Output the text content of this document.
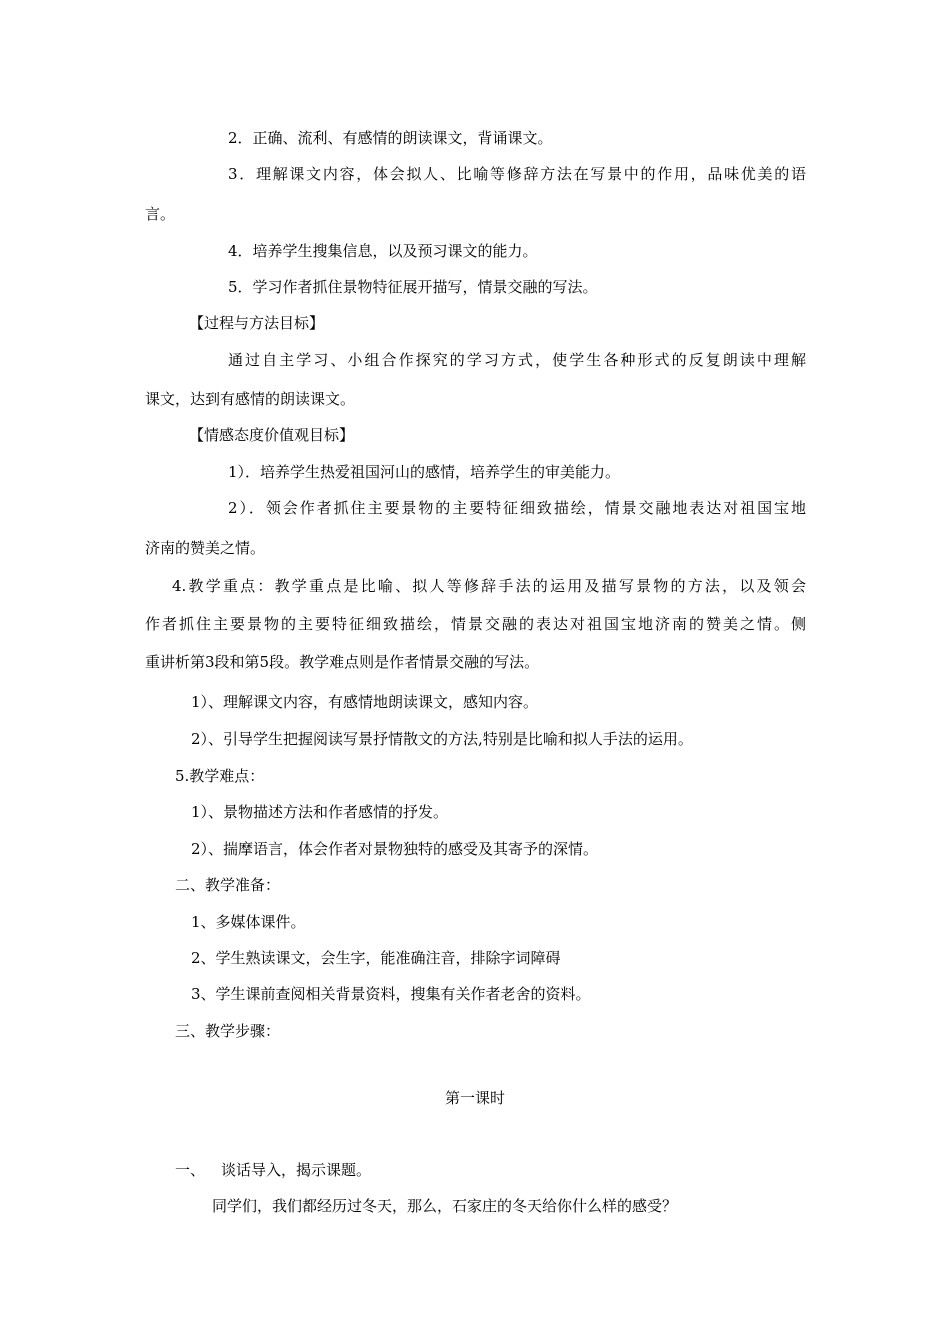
2．正确、流利、有感情的朗读课文，背诵课文。
3．理解课文内容，体会拟人、比喻等修辞方法在写景中的作用，品味优美的语
言。
4．培养学生搜集信息，以及预习课文的能力。
5．学习作者抓住景物特征展开描写，情景交融的写法。
【过程与方法目标】
通过自主学习、小组合作探究的学习方式，使学生各种形式的反复朗读中理解
课文，达到有感情的朗读课文。
【情感态度价值观目标】
1）．培养学生热爱祖国河山的感情，培养学生的审美能力。
2）．领会作者抓住主要景物的主要特征细致描绘，情景交融地表达对祖国宝地
济南的赞美之情。
4.教学重点：教学重点是比喻、拟人等修辞手法的运用及描写景物的方法，以及领会
作者抓住主要景物的主要特征细致描绘，情景交融的表达对祖国宝地济南的赞美之情。侧
重讲析第3段和第5段。教学难点则是作者情景交融的写法。
1）、理解课文内容，有感情地朗读课文，感知内容。
2）、引导学生把握阅读写景抒情散文的方法,特别是比喻和拟人手法的运用。
5.教学难点：
1）、景物描述方法和作者感情的抒发。
2）、揣摩语言，体会作者对景物独特的感受及其寄予的深情。
二、教学准备：
1、多媒体课件。
2、学生熟读课文，会生字，能准确注音，排除字词障碍
3、学生课前查阅相关背景资料，搜集有关作者老舍的资料。
三、教学步骤：
第一课时
一、 谈话导入，揭示课题。
同学们，我们都经历过冬天，那么，石家庄的冬天给你什么样的感受？
